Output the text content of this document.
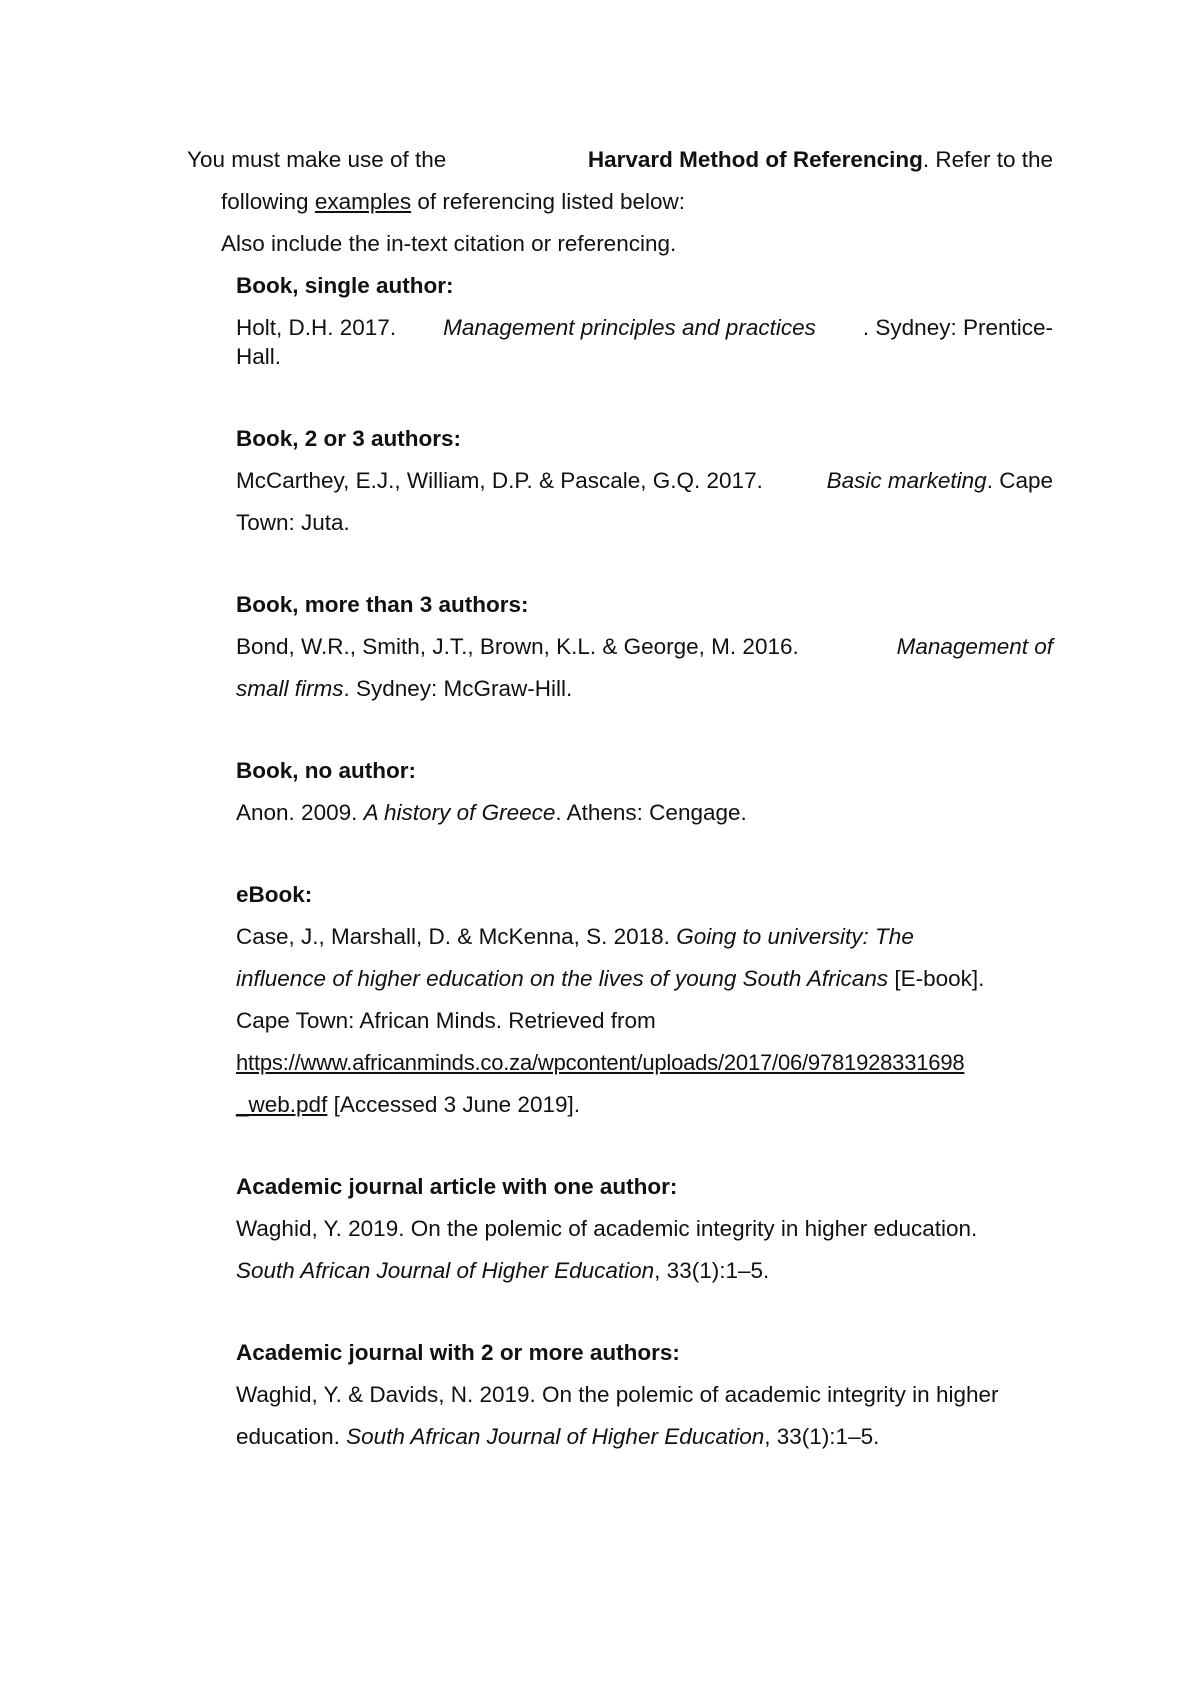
You must make use of the	Harvard Method of Referencing. Refer to the
following examples of referencing listed below:
Also include the in-text citation or referencing.
Book, single author:
Holt, D.H. 2017. Management principles and practices . Sydney: Prentice-
Hall.
Book, 2 or 3 authors:
McCarthey, E.J., William, D.P. & Pascale, G.Q. 2017.	Basic marketing. Cape
Town: Juta.
Book, more than 3 authors:
Bond, W.R., Smith, J.T., Brown, K.L. & George, M. 2016.	Management of
small firms. Sydney: McGraw-Hill.
Book, no author:
Anon. 2009. A history of Greece. Athens: Cengage.
eBook:
Case, J., Marshall, D. & McKenna, S. 2018. Going to university: The
influence of higher education on the lives of young South Africans [E-book].
Cape Town: African Minds. Retrieved from
https://www.africanminds.co.za/wpcontent/uploads/2017/06/9781928331698
_web.pdf [Accessed 3 June 2019].
Academic journal article with one author:
Waghid, Y. 2019. On the polemic of academic integrity in higher education.
South African Journal of Higher Education, 33(1):1–5.
Academic journal with 2 or more authors:
Waghid, Y. & Davids, N. 2019. On the polemic of academic integrity in higher
education. South African Journal of Higher Education, 33(1):1–5.
